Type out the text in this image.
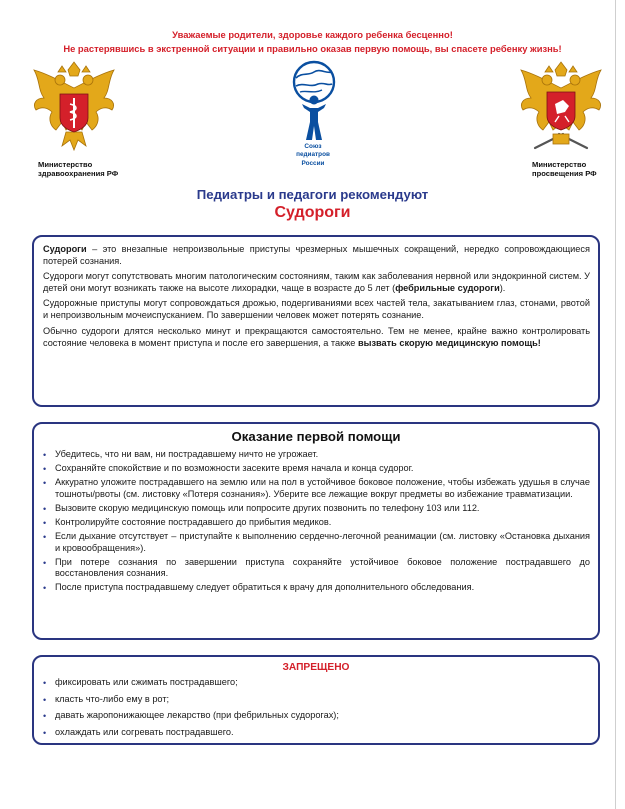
Уважаемые родители, здоровье каждого ребенка бесценно!
Не растерявшись в экстренной ситуации и правильно оказав первую помощь, вы спасете ребенку жизнь!
Министерство
здравоохранения РФ
Министерство
просвещения РФ
Союз
педиатров
России
Педиатры и педагоги рекомендуют
Судороги

Судороги – это внезапные непроизвольные приступы чрезмерных мышечных сокращений, нередко сопровождающиеся потерей сознания.

Судороги могут сопутствовать многим патологическим состояниям, таким как заболевания нервной или эндокринной систем. У детей они могут возникать также на высоте лихорадки, чаще в возрасте до 5 лет (фебрильные судороги).

Судорожные приступы могут сопровождаться дрожью, подергиваниями всех частей тела, закатыванием глаз, стонами, рвотой и непроизвольным мочеиспусканием. По завершении человек может потерять сознание.

Обычно судороги длятся несколько минут и прекращаются самостоятельно. Тем не менее, крайне важно контролировать состояние человека в момент приступа и после его завершения, а также вызвать скорую медицинскую помощь!

Оказание первой помощи
• Убедитесь, что ни вам, ни пострадавшему ничто не угрожает.
• Сохраняйте спокойствие и по возможности засеките время начала и конца судорог.
• Аккуратно уложите пострадавшего на землю или на пол в устойчивое боковое положение, чтобы избежать удушья в случае тошноты/рвоты (см. листовку «Потеря сознания»). Уберите все лежащие вокруг предметы во избежание травматизации.
• Вызовите скорую медицинскую помощь или попросите других позвонить по телефону 103 или 112.
• Контролируйте состояние пострадавшего до прибытия медиков.
• Если дыхание отсутствует – приступайте к выполнению сердечно-легочной реанимации (см. листовку «Остановка дыхания и кровообращения»).
• При потере сознания по завершении приступа сохраняйте устойчивое боковое положение пострадавшего до восстановления сознания.
• После приступа пострадавшему следует обратиться к врачу для дополнительного обследования.
ЗАПРЕЩЕНО
• фиксировать или сжимать пострадавшего;
• класть что-либо ему в рот;
• давать жаропонижающее лекарство (при фебрильных судорогах);
• охлаждать или согревать пострадавшего.
